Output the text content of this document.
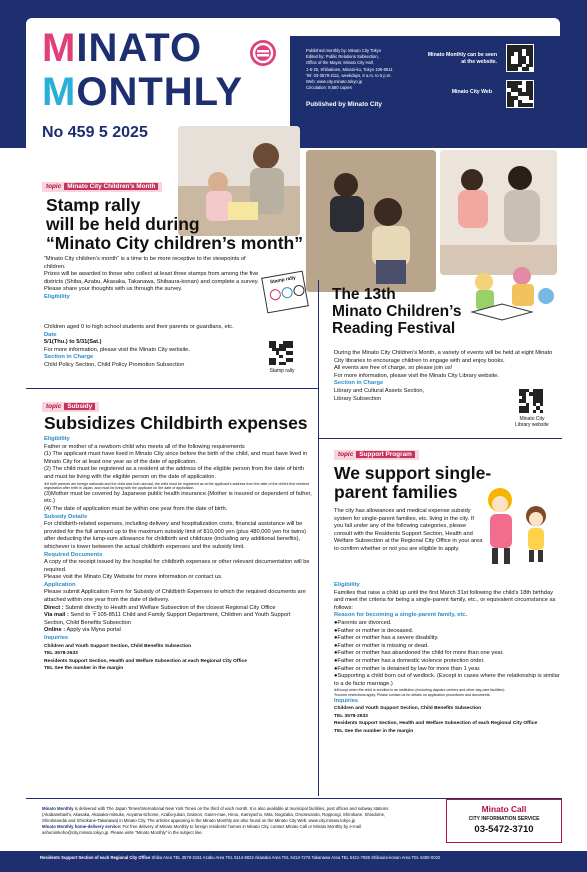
MINATO
MONTHLY
No 459 5 2025
Published monthly by: Minato City Tokyo
Edited by: Public Relations Subsection,
Office of the Mayor, Minato City Hall,
1-5-25, Shibakoen, Minato-ku, Tokyo 105-8511
Tel: 03-3578-2111, weekdays, 9 a.m. to 5 p.m.
Web: www.city.minato.tokyo.jp
Circulation: 9,580 copies
Published by Minato City
Minato Monthly can be seen at the website.
Minato City Web
topic Minato City Children's Month
Stamp rally
will be held during
“Minato City children’s month”
“Minato City children’s month” is a time to be more receptive to the viewpoints of children.
Prizes will be awarded to those who collect at least three stamps from among the five districts (Shiba, Azabu, Akasaka, Takanawa, Shibaura-konan) and complete a survey.
Please share your thoughts with us through the survey.
Eligibility
Children aged 0 to high school students and their parents or guardians, etc.
Date
5/1(Thu.) to 5/31(Sat.)
For more information, please visit the Minato City website.
Section in Charge
Child Policy Section, Child Policy Promotion Subsection
Stamp rally
Stamp rally
The 13th
Minato Children’s
Reading Festival
During the Minato City Children’s Month, a variety of events will be held at eight Minato City libraries to encourage children to engage with and enjoy books.
All events are free of charge, so please join us!
For more information, please visit the Minato City Library website.
Section in Charge
Library and Cultural Assets Section,
Library Subsection
Minato City
Library website
topic Subsidy
Subsidizes Childbirth expenses
Eligibility
Father or mother of a newborn child who meets all of the following requirements
(1) The applicant must have lived in Minato City since before the birth of the child, and must have lived in Minato City for at least one year as of the date of application.
(2) The child must be registered as a resident at the address of the eligible person from the date of birth and must be living with the eligible person on the date of application.
※If both parents are foreign nationals and the child was born abroad, the child must be registered as at the applicant’s address from the date of the child’s first resident registration after birth in Japan, and must be living with the applicant on the date of application.
(3)Mother must be covered by Japanese public health insurance.(Mother is insured or dependent of father, etc.)
(4) The date of application must be within one year from the date of birth.
Subsidy Details
For childbirth-related expenses, including delivery and hospitalization costs, financial assistance will be provided for the full amount up to the maximum subsidy limit of 810,000 yen (plus 480,000 yen for twins) after deducting the lump-sum allowance for childbirth and childcare (including any additional benefits), whichever is lower between the actual childbirth expenses and the subsidy limit.
Required Documents
A copy of the receipt issued by the hospital for childbirth expenses or other relevant documentation will be required.
Please visit the Minato City Website for more information or contact us.
Application
Please submit Application Form for Subsidy of Childbirth Expenses to which the required documents are attached within one year from the date of delivery.
Direct : Submit directly to Health and Welfare Subsection of the closest Regional City Office
Via mail : Send to 〒105-8511 Child and Family Support Department, Children and Youth Support Section, Child Benefits Subsection
Online : Apply via Myna portal
Inquiries
Children and Youth Support Section, Child Benefits Subsection
TEL 3578-2633
Residents Support Section, Health and Welfare Subsection at each Regional City Office
TEL See the number in the margin
topic Support Program
We support single-
parent families
The city has allowances and medical expense subsidy system for single-parent families, etc. living in the city. If you fall under any of the following categories, please consult with the Residents Support Section, Health and Welfare Subsection at the Regional City Office in your area to confirm whether or not you are eligible to apply.
Eligibility
Families that raise a child up until the first March 31st following the child’s 18th birthday and meet the criteria for being a single-parent family, etc., or equivalent circumstance as follows:
Reason for becoming a single-parent family, etc.
●Parents are divorced.
●Father or mother is deceased.
●Father or mother has a severe disability.
●Father or mother is missing or dead.
●Father or mother has abandoned the child for more than one year.
●Father or mother has a domestic violence protection order.
●Father or mother is detained by law for more than 1 year.
●Supporting a child born out of wedlock. (Except in cases where the relationship is similar to a de facto marriage.)
※Except when the child is enrolled in an institution (excluding daycare centers and other day-care facilities)
*Income restrictions apply. Please contact us for details on application procedures and documents.
Inquiries
Children and Youth Support Section, Child Benefits Subsection
TEL 3578-2633
Residents Support Section, Health and Welfare Subsection of each Regional City Office
TEL See the number in the margin
Minato Monthly is delivered with The Japan Times/International New York Times on the third of each month. It is also available at municipal facilities, post offices and subway stations (Akabanebashi, Akasaka, Akasaka-mitsuke, Aoyama-itchome, Azabu-juban, Daimon, Gaien-mae, Hiroo, Kamiyacho, Mita, Nogizaka, Omotesando, Roppongi, Shirokane, Shiodome, Shirokanedai and Shirokane-Takanawa) in Minato City. The articles appearing in the Minato Monthly are also found on the Minato City Web: www.city.minato.tokyo.jp
Minato Monthly home-delivery service: For free delivery of Minato Monthly to foreign residents’ homes in Minato City, contact Minato Call or Minato Monthly by e-mail ashuminkoho@city.minato.tokyo.jp. Please write “Minato Monthly” in the subject line.
Minato Call
CITY INFORMATION SERVICE
03-5472-3710
Residents Support Section of each Regional City Office Shiba Area TEL 3578-3161 Azabu Area TEL 5114-8822 Akasaka Area TEL 5413-7276 Takanawa Area TEL 5421-7085 Shibaura-konan Area TEL 6400-0022
